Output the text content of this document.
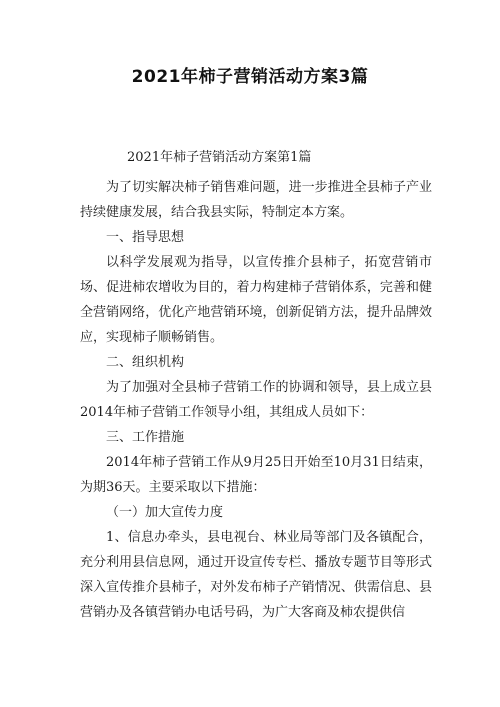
2021年柿子营销活动方案3篇

2021年柿子营销活动方案第1篇

为了切实解决柿子销售难问题，进一步推进全县柿子产业持续健康发展，结合我县实际，特制定本方案。

一、指导思想

以科学发展观为指导，以宣传推介县柿子，拓宽营销市场、促进柿农增收为目的，着力构建柿子营销体系，完善和健全营销网络，优化产地营销环境，创新促销方法，提升品牌效应，实现柿子顺畅销售。

二、组织机构

为了加强对全县柿子营销工作的协调和领导，县上成立县2014年柿子营销工作领导小组，其组成人员如下：

三、工作措施

2014年柿子营销工作从9月25日开始至10月31日结束，为期36天。主要采取以下措施：

（一）加大宣传力度

1、信息办牵头，县电视台、林业局等部门及各镇配合，充分利用县信息网，通过开设宣传专栏、播放专题节目等形式深入宣传推介县柿子，对外发布柿子产销情况、供需信息、县营销办及各镇营销办电话号码，为广大客商及柿农提供信
